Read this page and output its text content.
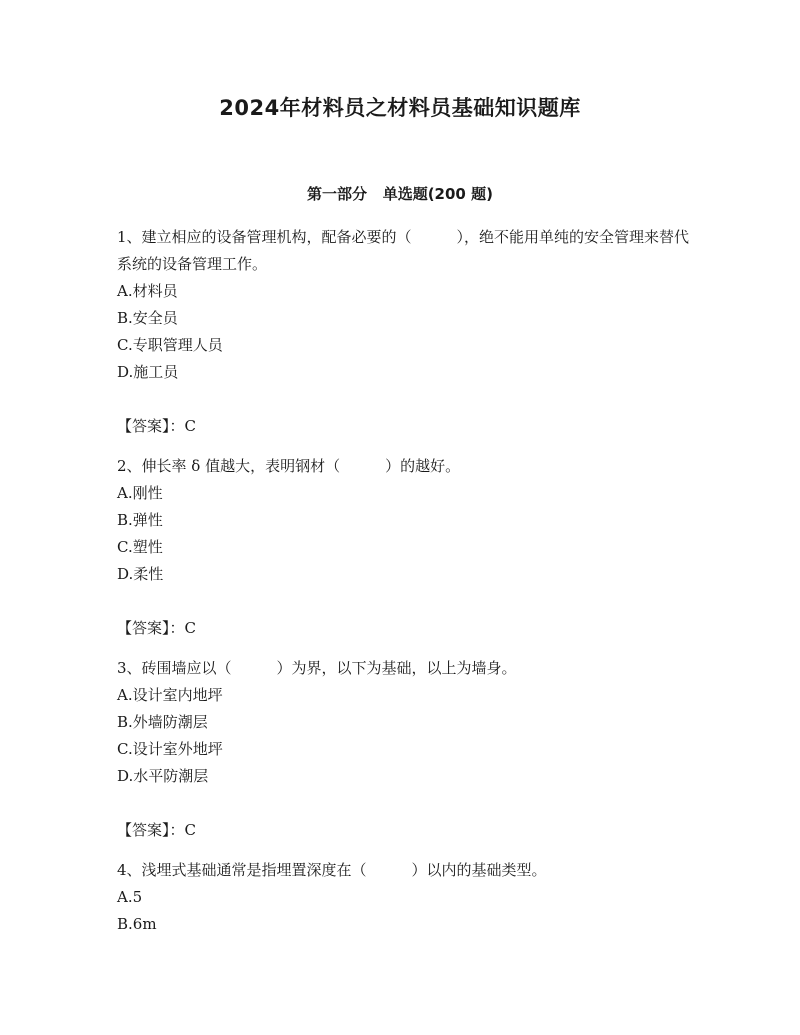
2024年材料员之材料员基础知识题库
第一部分   单选题(200 题)

1、建立相应的设备管理机构，配备必要的（　　　），绝不能用单纯的安全管理来替代系统的设备管理工作。

A.材料员

B.安全员

C.专职管理人员

D.施工员

【答案】：C

2、伸长率 δ 值越大，表明钢材（　　　）的越好。

A.刚性

B.弹性

C.塑性

D.柔性

【答案】：C

3、砖围墙应以（　　　）为界，以下为基础，以上为墙身。

A.设计室内地坪

B.外墙防潮层

C.设计室外地坪

D.水平防潮层

【答案】：C

4、浅埋式基础通常是指埋置深度在（　　　）以内的基础类型。

A.5

B.6m
